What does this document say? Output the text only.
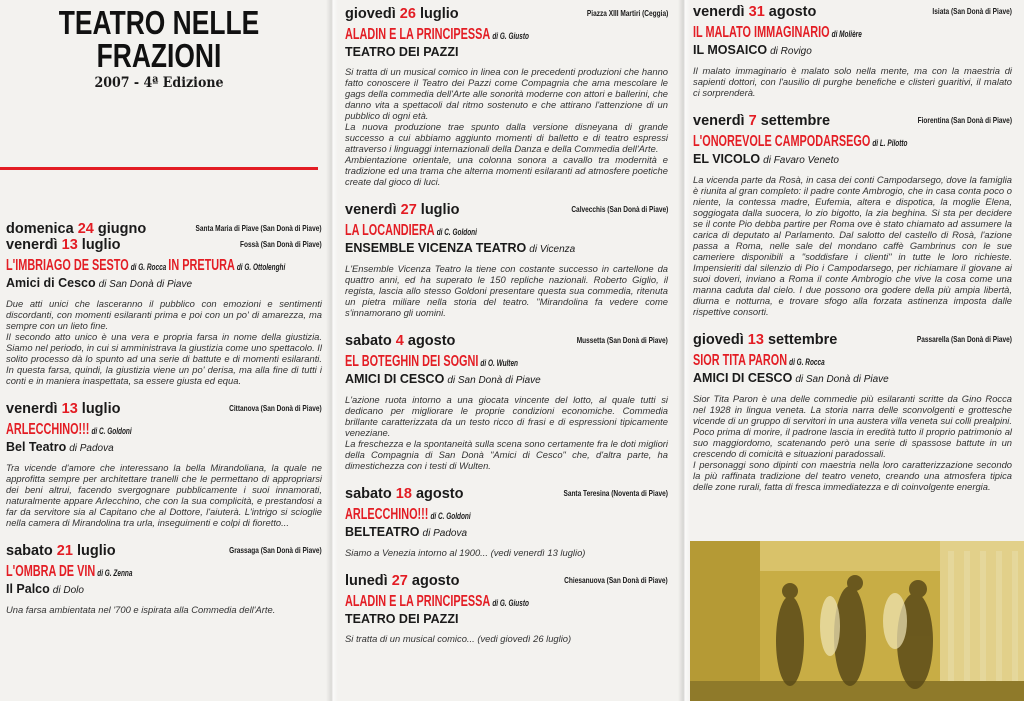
TEATRO NELLE
FRAZIONI
2007 - 4ª Edizione
domenica 24 giugno	Santa Maria di Piave (San Donà di Piave)
venerdì 13 luglio	Fossà (San Donà di Piave)
L'IMBRIAGO DE SESTO di G. Rocca IN PRETURA di G. Ottolenghi
Amici di Cesco di San Donà di Piave

Due atti unici che lasceranno il pubblico con emozioni e sentimenti discordanti, con momenti esilaranti prima e poi con un po' di amarezza, ma sempre con un lieto fine.

Il secondo atto unico è una vera e propria farsa in nome della giustizia. Siamo nel periodo, in cui si amministrava la giustizia come uno spettacolo. Il solito processo dà lo spunto ad una serie di battute e di momenti esilaranti. In questa farsa, quindi, la giustizia viene un po' derisa, ma alla fine di tutti i conti e in maniera inaspettata, sa essere giusta ed equa.

venerdì 13 luglio	Cittanova (San Donà di Piave)
ARLECCHINO!!! di C. Goldoni
Bel Teatro di Padova

Tra vicende d'amore che interessano la bella Mirandoliana, la quale ne approfitta sempre per architettare tranelli che le permettano di appropriarsi dei beni altrui, facendo svergognare pubblicamente i suoi innamorati, naturalmente appare Arlecchino, che con la sua complicità, e prestandosi a far da servitore sia al Capitano che al Dottore, l'aiuterà. L'intrigo si scioglie nella camera di Mirandolina tra urla, inseguimenti e colpi di fioretto...

sabato 21 luglio	Grassaga (San Donà di Piave)
L'OMBRA DE VIN di G. Zenna
Il Palco di Dolo

Una farsa ambientata nel '700 e ispirata alla Commedia dell'Arte.

giovedì 26 luglio	Piazza XIII Martiri (Ceggia)
ALADIN E LA PRINCIPESSA di G. Giusto
TEATRO DEI PAZZI

Si tratta di un musical comico in linea con le precedenti produzioni che hanno fatto conoscere il Teatro dei Pazzi come Compagnia che ama mescolare le gags della commedia dell'Arte alle sonorità moderne con attori e ballerini, che danno vita a spettacoli dal ritmo sostenuto e che attirano l'attenzione di un pubblico di ogni età.

La nuova produzione trae spunto dalla versione disneyana di grande successo a cui abbiamo aggiunto momenti di balletto e di teatro espressi attraverso i linguaggi internazionali della Danza e della Commedia dell'Arte.

Ambientazione orientale, una colonna sonora a cavallo tra modernità e tradizione ed una trama che alterna momenti esilaranti ad atmosfere poetiche create dal gioco di luci.

venerdì 27 luglio	Calvecchis (San Donà di Piave)
LA LOCANDIERA di C. Goldoni
ENSEMBLE VICENZA TEATRO di Vicenza

L'Ensemble Vicenza Teatro la tiene con costante successo in cartellone da quattro anni, ed ha superato le 150 repliche nazionali. Roberto Giglio, il regista, lascia allo stesso Goldoni presentare questa sua commedia, ritenuta un pietra miliare nella storia del teatro. "Mirandolina fa vedere come s'innamorano gli uomini.

sabato 4 agosto	Mussetta (San Donà di Piave)
EL BOTEGHIN DEI SOGNI di O. Wulten
AMICI DI CESCO di San Donà di Piave

L'azione ruota intorno a una giocata vincente del lotto, al quale tutti si dedicano per migliorare le proprie condizioni economiche. Commedia brillante caratterizzata da un testo ricco di frasi e di espressioni tipicamente veneziane.

La freschezza e la spontaneità sulla scena sono certamente fra le doti migliori della Compagnia di San Donà "Amici di Cesco" che, d'altra parte, ha dimestichezza con i testi di Wulten.

sabato 18 agosto	Santa Teresina (Noventa di Piave)
ARLECCHINO!!! di C. Goldoni
BELTEATRO di Padova

Siamo a Venezia intorno al 1900... (vedi venerdì 13 luglio)

lunedì 27 agosto	Chiesanuova (San Donà di Piave)
ALADIN E LA PRINCIPESSA di G. Giusto
TEATRO DEI PAZZI

Si tratta di un musical comico... (vedi giovedì 26 luglio)

venerdì 31 agosto	Isiata (San Donà di Piave)
IL MALATO IMMAGINARIO di Molière
IL MOSAICO di Rovigo

Il malato immaginario è malato solo nella mente, ma con la maestria di sapienti dottori, con l'ausilio di purghe benefiche e clisteri guaritivi, il malato ci sorprenderà.

venerdì 7 settembre	Fiorentina (San Donà di Piave)
L'ONOREVOLE CAMPODARSEGO di L. Pilotto
EL VICOLO di Favaro Veneto

La vicenda parte da Rosà, in casa dei conti Campodarsego, dove la famiglia è riunita al gran completo: il padre conte Ambrogio, che in casa conta poco o niente, la contessa madre, Eufemia, altera e dispotica, la moglie Elena, soggiogata dalla suocera, lo zio bigotto, la zia beghina. Si sta per decidere se il conte Pio debba partire per Roma ove è stato chiamato ad assumere la carica di deputato al Parlamento. Dal salotto del castello di Rosà, l'azione passa a Roma, nelle sale del mondano caffè Gambrinus con le sue cameriere disponibili a "soddisfare i clienti" in tutte le loro richieste. Impensieriti dal silenzio di Pio i Campodarsego, per richiamare il giovane ai suoi doveri, inviano a Roma il conte Ambrogio che vive la cosa come una manna caduta dal cielo. I due possono ora godere della più ampia libertà, diurna e notturna, e trovare sfogo alla forzata astinenza imposta dalle rispettive consorti.

giovedì 13 settembre	Passarella (San Donà di Piave)
SIOR TITA PARON di G. Rocca
AMICI DI CESCO di San Donà di Piave

Sior Tita Paron è una delle commedie più esilaranti scritte da Gino Rocca nel 1928 in lingua veneta. La storia narra delle sconvolgenti e grottesche vicende di un gruppo di servitori in una austera villa veneta sui colli prealpini. Poco prima di morire, il padrone lascia in eredità tutto il proprio patrimonio al suo maggiordomo, scatenando però una serie di spassose battute in un crescendo di comicità e situazioni paradossali.

I personaggi sono dipinti con maestria nella loro caratterizzazione secondo la più raffinata tradizione del teatro veneto, creando una atmosfera tipica delle zone rurali, fatta di fresca immediatezza e di coinvolgente energia.
